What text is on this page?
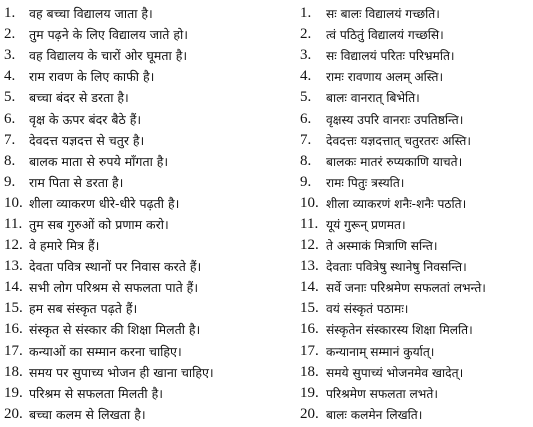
1.	वह बच्चा विद्यालय जाता है।
2.	तुम पढ़ने के लिए विद्यालय जाते हो।
3.	वह विद्यालय के चारों ओर घूमता है।
4.	राम रावण के लिए काफी है।
5.	बच्चा बंदर से डरता है।
6.	वृक्ष के ऊपर बंदर बैठे हैं।
7.	देवदत्त यज्ञदत्त से चतुर है।
8.	बालक माता से रुपये माँगता है।
9.	राम पिता से डरता है।
10. शीला व्याकरण धीरे-धीरे पढ़ती है।
11. तुम सब गुरुओं को प्रणाम करो।
12. वे हमारे मित्र हैं।
13. देवता पवित्र स्थानों पर निवास करते हैं।
14. सभी लोग परिश्रम से सफलता पाते हैं।
15. हम सब संस्कृत पढ़ते हैं।
16. संस्कृत से संस्कार की शिक्षा मिलती है।
17. कन्याओं का सम्मान करना चाहिए।
18. समय पर सुपाच्य भोजन ही खाना चाहिए।
19. परिश्रम से सफलता मिलती है।
20. बच्चा कलम से लिखता है।
1.	सः बालः विद्यालयं गच्छति।
2.	त्वं पठितुं विद्यालयं गच्छसि।
3.	सः विद्यालयं परितः परिभ्रमति।
4.	रामः रावणाय अलम् अस्ति।
5.	बालः वानरात् बिभेति।
6.	वृक्षस्य उपरि वानराः उपतिष्ठन्ति।
7.	देवदत्तः यज्ञदत्तात् चतुरतरः अस्ति।
8.	बालकः मातरं रुप्यकाणि याचते।
9.	रामः पितुः त्रस्यति।
10. शीला व्याकरणं शनैः-शनैः पठति।
11. यूयं गुरून् प्रणमत।
12. ते अस्माकं मित्राणि सन्ति।
13. देवताः पवित्रेषु स्थानेषु निवसन्ति।
14. सर्वे जनाः परिश्रमेण सफलतां लभन्ते।
15. वयं संस्कृतं पठामः।
16. संस्कृतेन संस्कारस्य शिक्षा मिलति।
17. कन्यानाम् सम्मानं कुर्यात्।
18. समये सुपाच्यं भोजनमेव खादेत्।
19. परिश्रमेण सफलता लभते।
20. बालः कलमेन लिखति।
